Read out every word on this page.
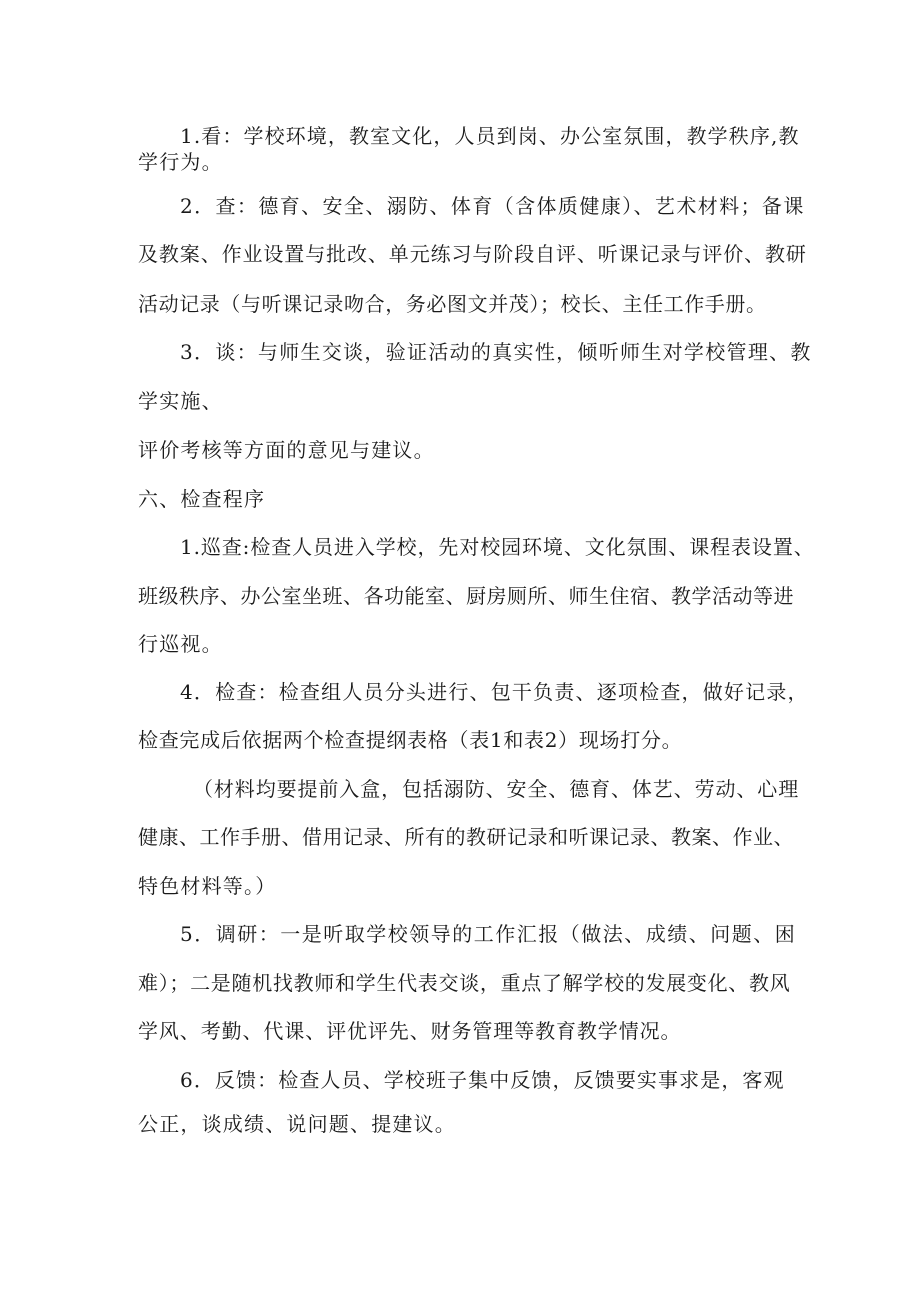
1.看：学校环境，教室文化，人员到岗、办公室氛围，教学秩序,教

学行为。

2．查：德育、安全、溺防、体育（含体质健康）、艺术材料；备课

及教案、作业设置与批改、单元练习与阶段自评、听课记录与评价、教研

活动记录（与听课记录吻合，务必图文并茂）；校长、主任工作手册。

3．谈：与师生交谈，验证活动的真实性，倾听师生对学校管理、教

学实施、

评价考核等方面的意见与建议。

六、检查程序

1.巡查:检查人员进入学校，先对校园环境、文化氛围、课程表设置、

班级秩序、办公室坐班、各功能室、厨房厕所、师生住宿、教学活动等进

行巡视。

4．检查：检查组人员分头进行、包干负责、逐项检查，做好记录，

检查完成后依据两个检查提纲表格（表1和表2）现场打分。

（材料均要提前入盒，包括溺防、安全、德育、体艺、劳动、心理

健康、工作手册、借用记录、所有的教研记录和听课记录、教案、作业、

特色材料等。）

5．调研：一是听取学校领导的工作汇报（做法、成绩、问题、困

难）；二是随机找教师和学生代表交谈，重点了解学校的发展变化、教风

学风、考勤、代课、评优评先、财务管理等教育教学情况。

6．反馈：检查人员、学校班子集中反馈，反馈要实事求是，客观

公正，谈成绩、说问题、提建议。
